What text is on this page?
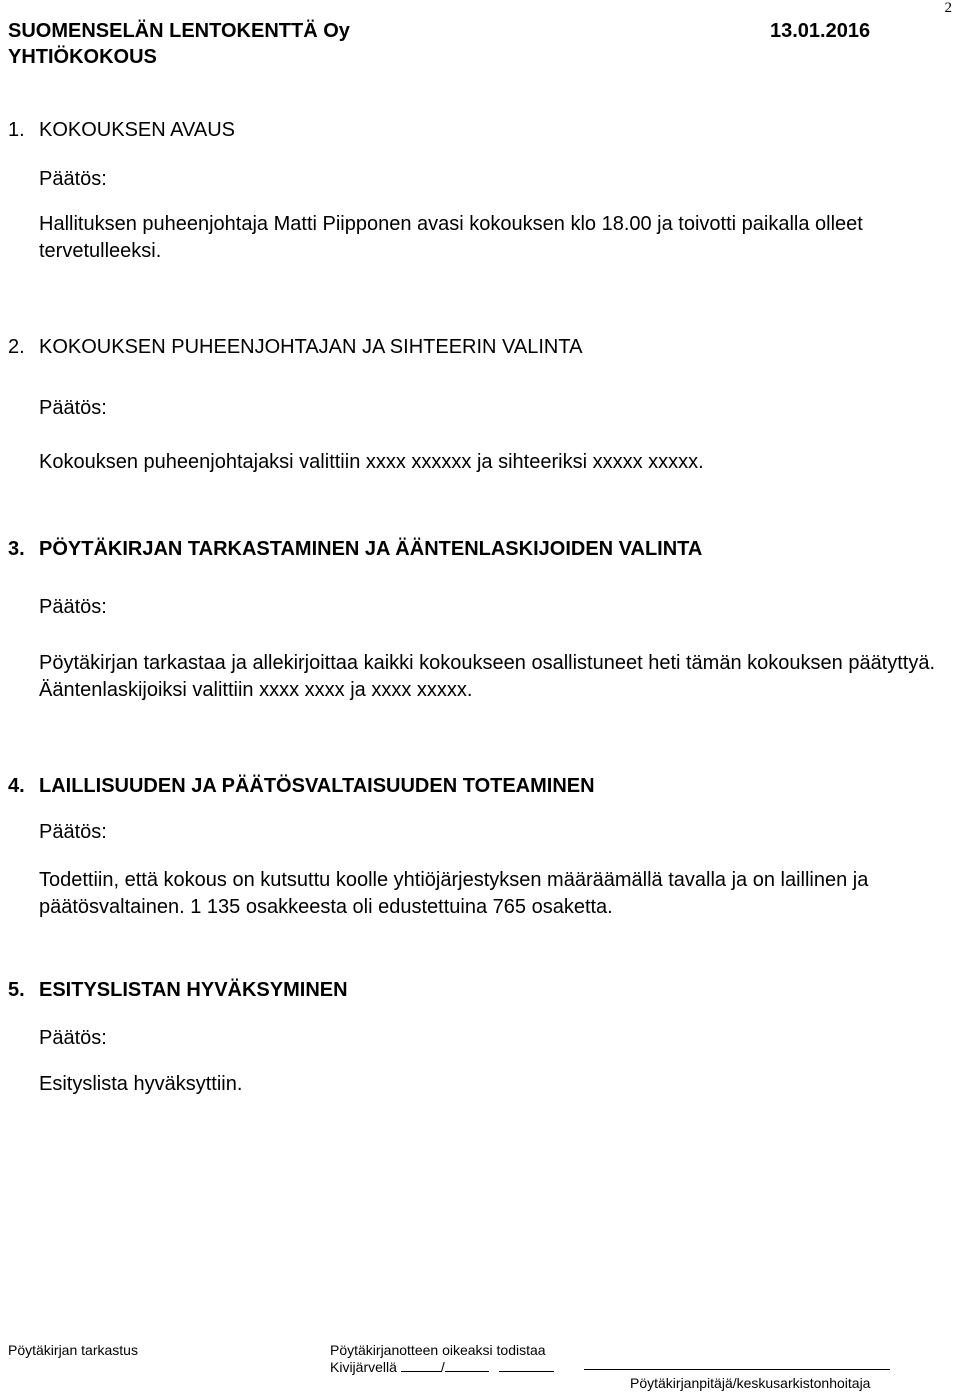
2
SUOMENSELÄN LENTOKENTTÄ Oy	13.01.2016
YHTIÖKOKOUS
1. KOKOUKSEN AVAUS
Päätös:
Hallituksen puheenjohtaja Matti Piipponen avasi kokouksen klo 18.00 ja toivotti paikalla olleet tervetulleeksi.
2. KOKOUKSEN PUHEENJOHTAJAN JA SIHTEERIN VALINTA
Päätös:
Kokouksen puheenjohtajaksi valittiin xxxx xxxxxx ja sihteeriksi xxxxx xxxxx.
3. PÖYTÄKIRJAN TARKASTAMINEN JA ÄÄNTENLASKIJOIDEN VALINTA
Päätös:
Pöytäkirjan tarkastaa ja allekirjoittaa kaikki kokoukseen osallistuneet heti tämän kokouksen päätyttyä. Ääntenlaskijoiksi valittiin xxxx xxxx ja xxxx xxxxx.
4. LAILLISUUDEN JA PÄÄTÖSVALTAISUUDEN TOTEAMINEN
Päätös:
Todettiin, että kokous on kutsuttu koolle yhtiöjärjestyksen määräämällä tavalla ja on laillinen ja päätösvaltainen. 1 135 osakkeesta oli edustettuina 765 osaketta.
5. ESITYSLISTAN HYVÄKSYMINEN
Päätös:
Esityslista hyväksyttiin.
Pöytäkirjan tarkastus	Pöytäkirjanotteen oikeaksi todistaa
Kivijärvellä	/
Pöytäkirjanpitäjä/keskusarkistonhoitaja
